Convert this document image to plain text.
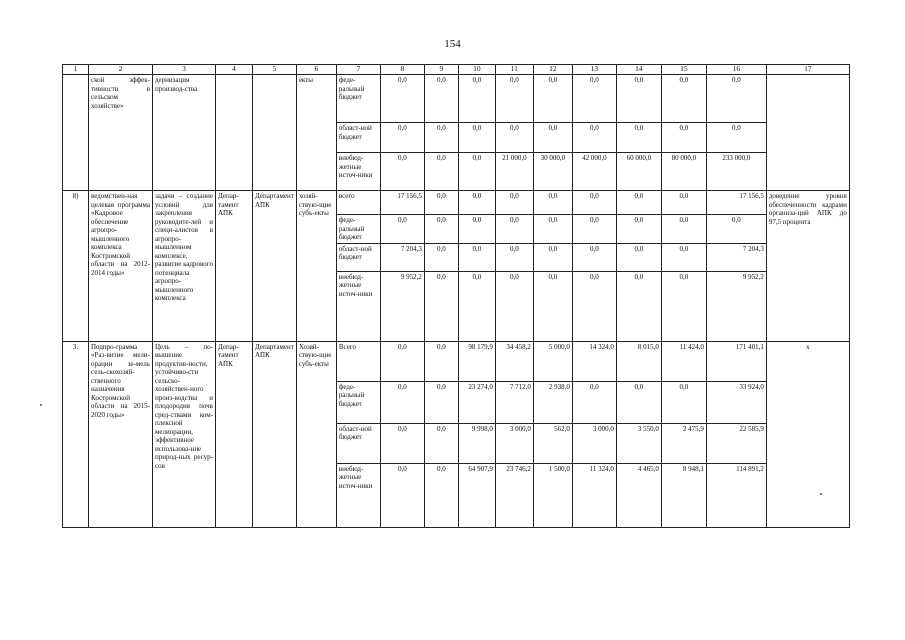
154
1	2	3	4	5	6	7	8	9	10	11	12	13	14	15	16	17
	ской эффек-тивности в сельском хозяйстве»	дернизация производ-ства			екты	феде-ральный бюджет	0,0	0,0	0,0	0,0	0,0	0,0	0,0	0,0	0,0	
						област-ной бюджет	0,0	0,0	0,0	0,0	0,0	0,0	0,0	0,0	0,0	
						внебюд-жетные источ-ники	0,0	0,0	0,0	21 000,0	30 000,0	42 000,0	60 000,0	80 000,0	233 000,0	
8)	ведомствен-ная целевая программа «Кадровое обеспечение агропро-мышленного комплекса Костромской области на 2012-2014 годы»	задачи – создание условий для закрепления руководите-лей и специ-алистов в агропро-мышленном комплексе, развитие кадрового потенциала агропро-мышленного комплекса	Депар-тамент АПК	Департамент АПК	хозяй-ствую-щие субъ-екты	всего	17 156,5	0,0	0,0	0,0	0,0	0,0	0,0	0,0	17 156,5	доведение уровня обеспеченности кадрами организа-ций АПК до 97,5 процента
						феде-ральный бюджет	0,0	0,0	0,0	0,0	0,0	0,0	0,0	0,0	0,0	
						област-ной бюджет	7 204,3	0,0	0,0	0,0	0,0	0,0	0,0	0,0	7 204,3	
						внебюд-жетные источ-ники	9 952,2	0,0	0,0	0,0	0,0	0,0	0,0	0,0	9 952,2	
3.	Подпро-грамма «Раз-витие мели-орации зе-мель сель-скохозяй-ственного назначения Костромской области на 2015-2020 годы»	Цель – по-вышение продуктив-ности, устойчиво-сти сельско-хозяйствен-ного произ-водства и плодородия почв сред-ствами ком-плексной мелиорации, эффективное использова-ние природ-ных ресур-сов	Депар-тамент АПК	Департамент АПК	Хозяй-ствую-щие субъ-екты	Всего	0,0	0,0	98 179,9	34 458,2	5 000,0	14 324,0	8 015,0	11 424,0	171 401,1	х
						феде-ральный бюджет	0,0	0,0	23 274,0	7 712,0	2 938,0	0,0	0,0	0,0	33 924,0	
						област-ной бюджет	0,0	0,0	9 998,0	3 000,0	562,0	3 000,0	3 550,0	2 475,9	22 585,9	
						внебюд-жетные источ-ники	0,0	0,0	64 907,9	23 746,2	1 500,0	11 324,0	4 465,0	8 948,1	114 891,2	
